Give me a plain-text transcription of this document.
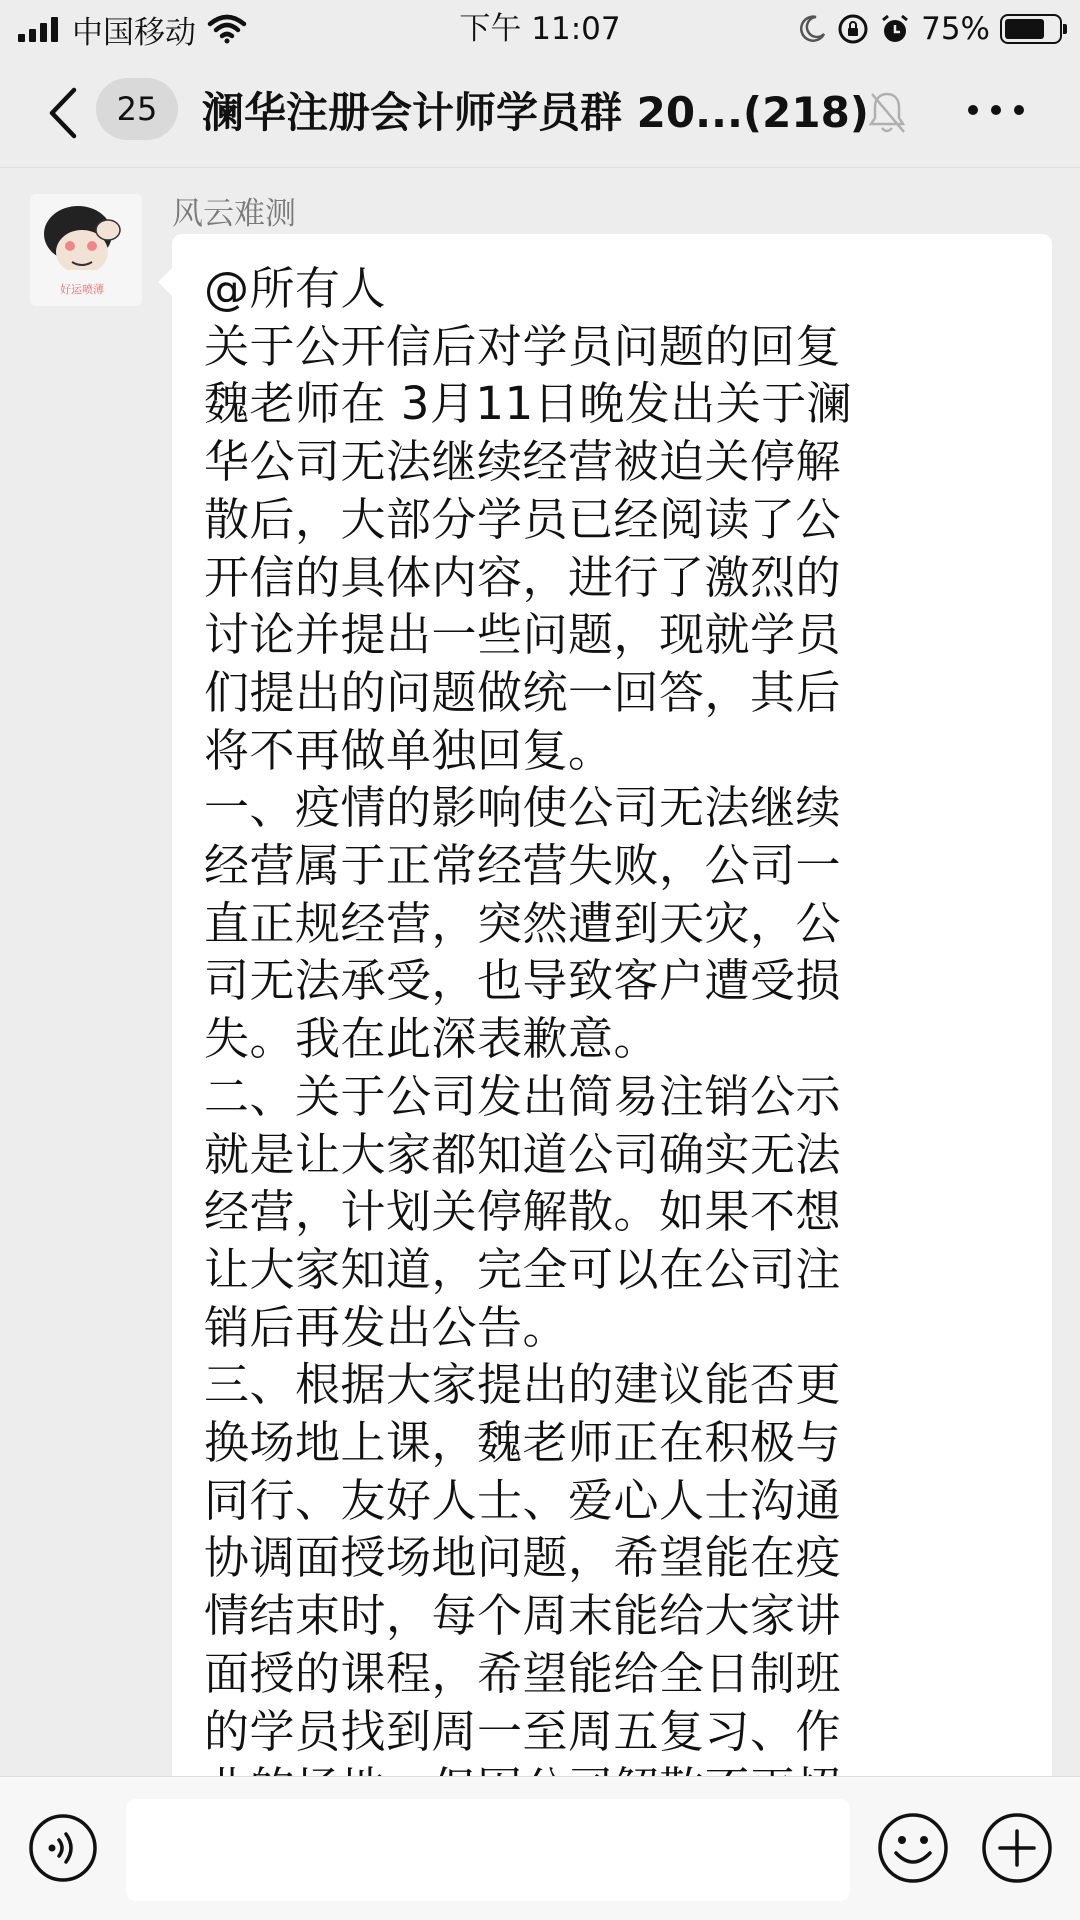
中国移动	下午 11:07	75%
25	澜华注册会计师学员群 20...(218)
好运喷薄
风云难测
@所有人
关于公开信后对学员问题的回复
魏老师在 3月11日晚发出关于澜
华公司无法继续经营被迫关停解
散后，大部分学员已经阅读了公
开信的具体内容，进行了激烈的
讨论并提出一些问题，现就学员
们提出的问题做统一回答，其后
将不再做单独回复。
一、疫情的影响使公司无法继续
经营属于正常经营失败，公司一
直正规经营，突然遭到天灾，公
司无法承受，也导致客户遭受损
失。我在此深表歉意。
二、关于公司发出简易注销公示
就是让大家都知道公司确实无法
经营，计划关停解散。如果不想
让大家知道，完全可以在公司注
销后再发出公告。
三、根据大家提出的建议能否更
换场地上课，魏老师正在积极与
同行、友好人士、爱心人士沟通
协调面授场地问题，希望能在疫
情结束时，每个周末能给大家讲
面授的课程，希望能给全日制班
的学员找到周一至周五复习、作
